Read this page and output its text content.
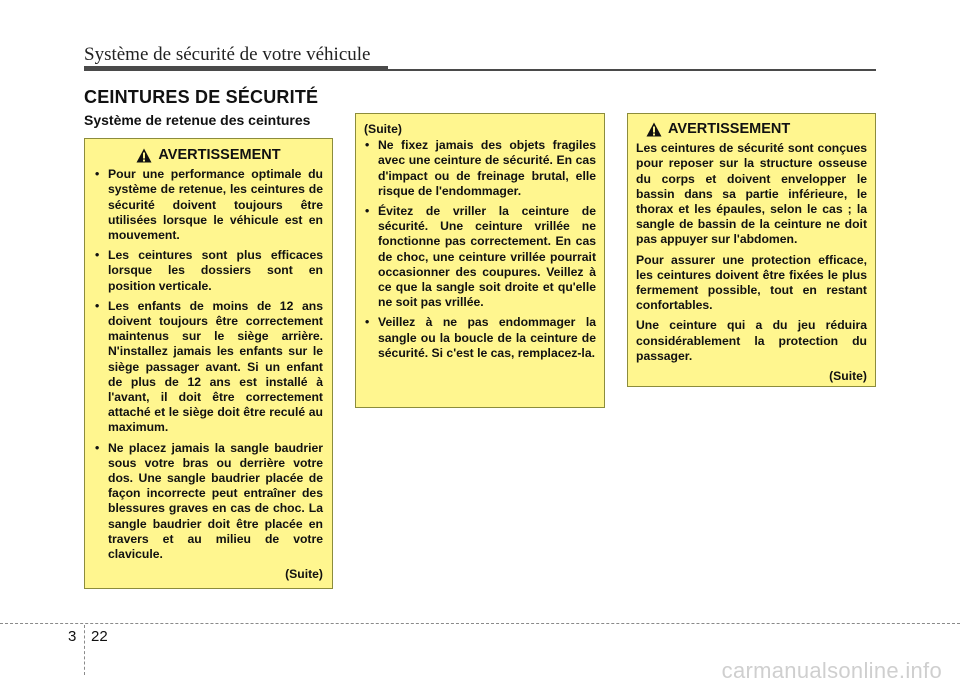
Système de sécurité de votre véhicule
CEINTURES DE SÉCURITÉ
Système de retenue des ceintures
AVERTISSEMENT
• Pour une performance optimale du système de retenue, les ceintures de sécurité doivent toujours être utilisées lorsque le véhicule est en mouvement.
• Les ceintures sont plus efficaces lorsque les dossiers sont en position verticale.
• Les enfants de moins de 12 ans doivent toujours être correctement maintenus sur le siège arrière. N'installez jamais les enfants sur le siège passager avant. Si un enfant de plus de 12 ans est installé à l'avant, il doit être correctement attaché et le siège doit être reculé au maximum.
• Ne placez jamais la sangle baudrier sous votre bras ou derrière votre dos. Une sangle baudrier placée de façon incorrecte peut entraîner des blessures graves en cas de choc. La sangle baudrier doit être placée en travers et au milieu de votre clavicule.
(Suite)
(Suite)
• Ne fixez jamais des objets fragiles avec une ceinture de sécurité. En cas d'impact ou de freinage brutal, elle risque de l'endommager.
• Évitez de vriller la ceinture de sécurité. Une ceinture vrillée ne fonctionne pas correctement. En cas de choc, une ceinture vrillée pourrait occasionner des coupures. Veillez à ce que la sangle soit droite et qu'elle ne soit pas vrillée.
• Veillez à ne pas endommager la sangle ou la boucle de la ceinture de sécurité. Si c'est le cas, remplacez-la.
AVERTISSEMENT

Les ceintures de sécurité sont conçues pour reposer sur la structure osseuse du corps et doivent envelopper le bassin dans sa partie inférieure, le thorax et les épaules, selon le cas ; la sangle de bassin de la ceinture ne doit pas appuyer sur l'abdomen.

Pour assurer une protection efficace, les ceintures doivent être fixées le plus fermement possible, tout en restant confortables.

Une ceinture qui a du jeu réduira considérablement la protection du passager.

(Suite)
3 22
carmanualsonline.info
